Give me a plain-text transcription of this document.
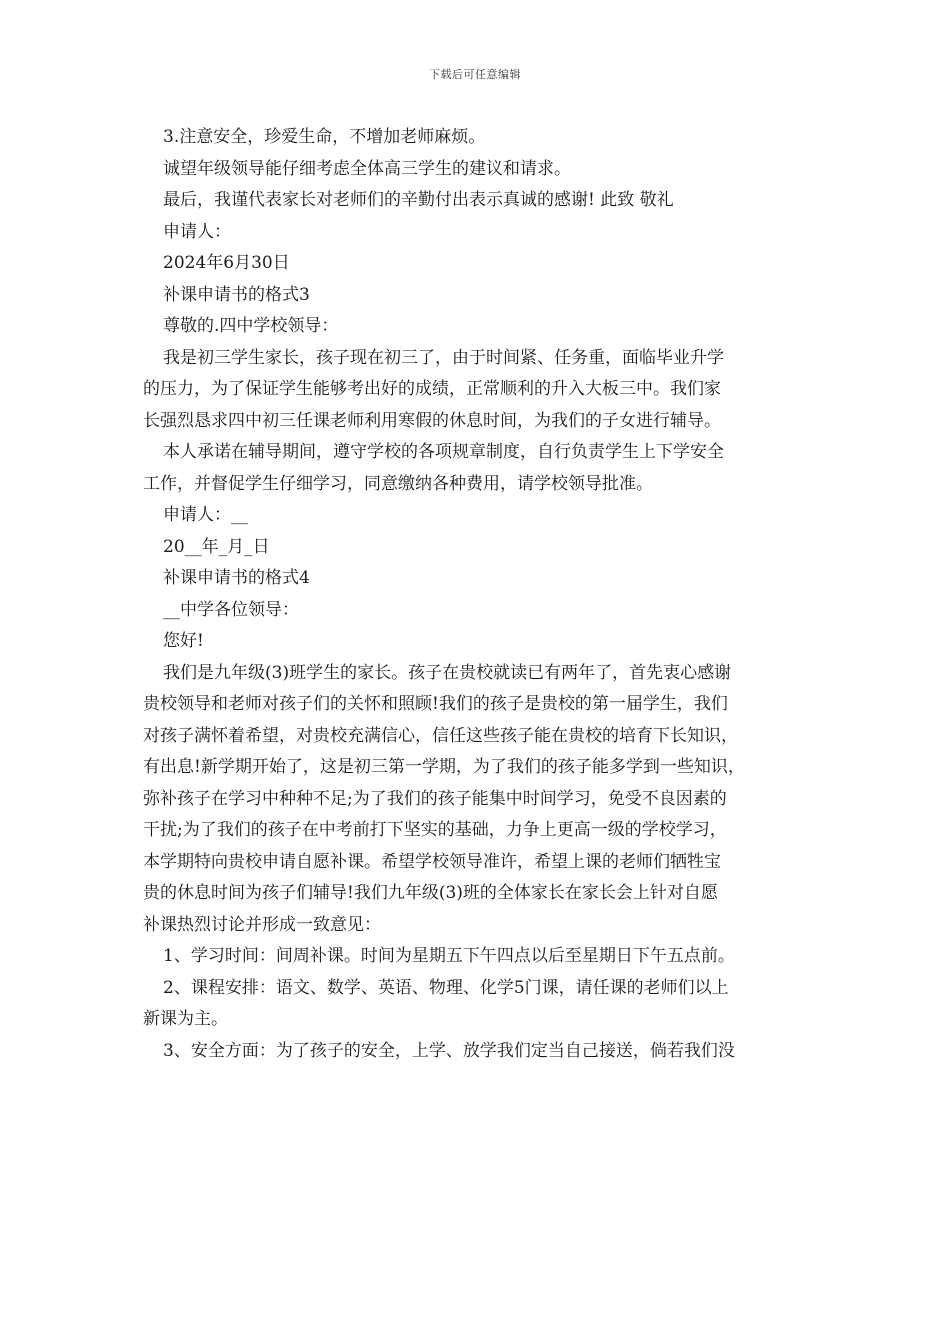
下载后可任意编辑

3.注意安全，珍爱生命，不增加老师麻烦。

诚望年级领导能仔细考虑全体高三学生的建议和请求。

最后，我谨代表家长对老师们的辛勤付出表示真诚的感谢! 此致 敬礼

申请人：

2024年6月30日

补课申请书的格式3

尊敬的.四中学校领导：

我是初三学生家长，孩子现在初三了，由于时间紧、任务重，面临毕业升学

的压力，为了保证学生能够考出好的成绩，正常顺利的升入大板三中。我们家

长强烈恳求四中初三任课老师利用寒假的休息时间，为我们的子女进行辅导。

本人承诺在辅导期间，遵守学校的各项规章制度，自行负责学生上下学安全

工作，并督促学生仔细学习，同意缴纳各种费用，请学校领导批准。

申请人：__

20__年_月_日

补课申请书的格式4

__中学各位领导：

您好!

我们是九年级(3)班学生的家长。孩子在贵校就读已有两年了，首先衷心感谢

贵校领导和老师对孩子们的关怀和照顾!我们的孩子是贵校的第一届学生，我们

对孩子满怀着希望，对贵校充满信心，信任这些孩子能在贵校的培育下长知识，

有出息!新学期开始了，这是初三第一学期，为了我们的孩子能多学到一些知识，

弥补孩子在学习中种种不足;为了我们的孩子能集中时间学习，免受不良因素的

干扰;为了我们的孩子在中考前打下坚实的基础，力争上更高一级的学校学习，

本学期特向贵校申请自愿补课。希望学校领导准许，希望上课的老师们牺牲宝

贵的休息时间为孩子们辅导!我们九年级(3)班的全体家长在家长会上针对自愿

补课热烈讨论并形成一致意见：

1、学习时间：间周补课。时间为星期五下午四点以后至星期日下午五点前。

2、课程安排：语文、数学、英语、物理、化学5门课，请任课的老师们以上

新课为主。

3、安全方面：为了孩子的安全，上学、放学我们定当自己接送，倘若我们没
